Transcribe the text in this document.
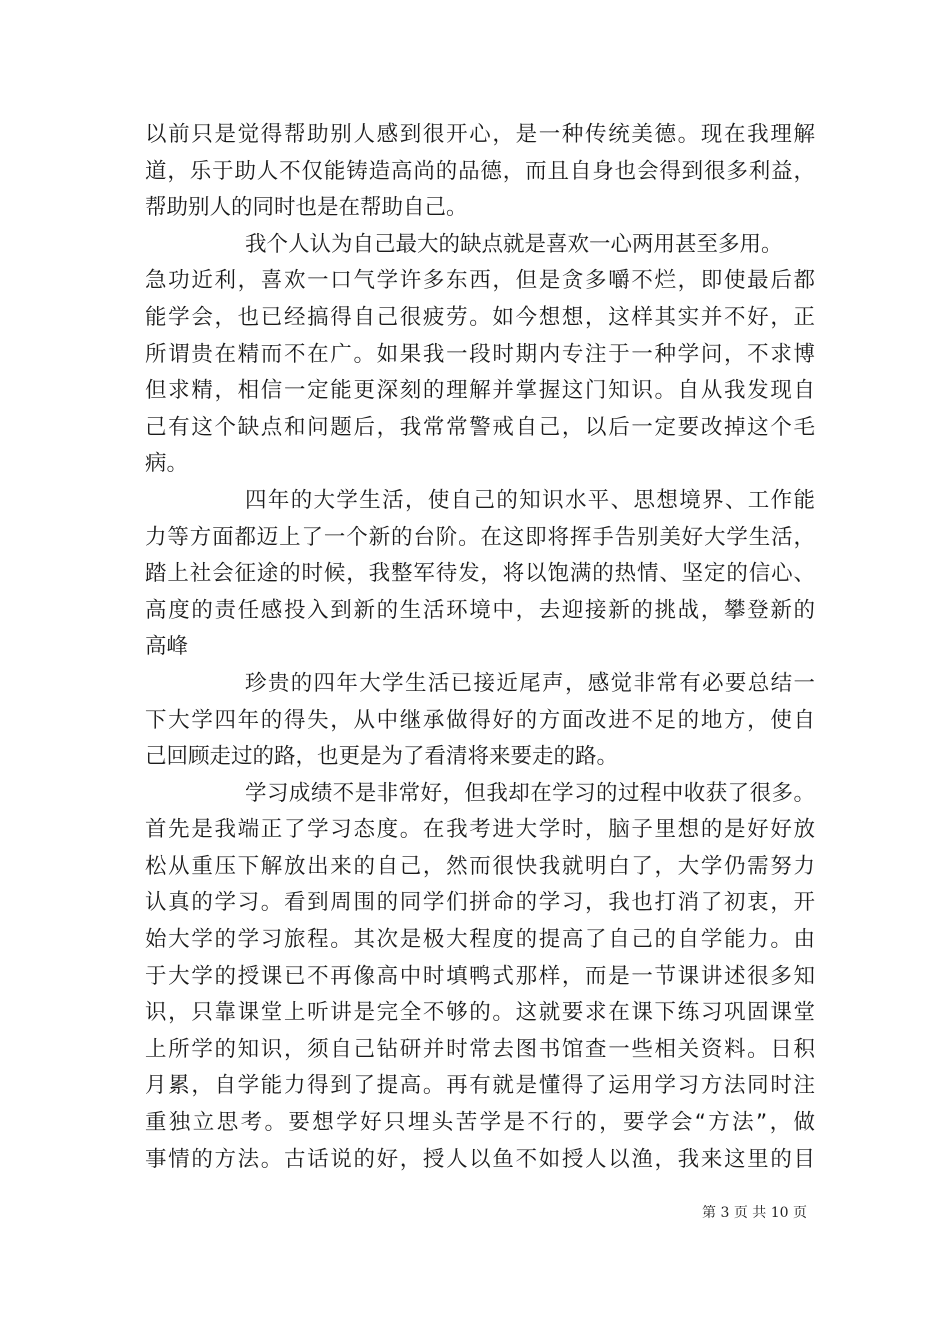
以前只是觉得帮助别人感到很开心，是一种传统美德。现在我理解
道，乐于助人不仅能铸造高尚的品德，而且自身也会得到很多利益，
帮助别人的同时也是在帮助自己。
我个人认为自己最大的缺点就是喜欢一心两用甚至多用。
急功近利，喜欢一口气学许多东西，但是贪多嚼不烂，即使最后都
能学会，也已经搞得自己很疲劳。如今想想，这样其实并不好，正
所谓贵在精而不在广。如果我一段时期内专注于一种学问，不求博
但求精，相信一定能更深刻的理解并掌握这门知识。自从我发现自
己有这个缺点和问题后，我常常警戒自己，以后一定要改掉这个毛
病。
四年的大学生活，使自己的知识水平、思想境界、工作能
力等方面都迈上了一个新的台阶。在这即将挥手告别美好大学生活，
踏上社会征途的时候，我整军待发，将以饱满的热情、坚定的信心、
高度的责任感投入到新的生活环境中，去迎接新的挑战，攀登新的
高峰
珍贵的四年大学生活已接近尾声，感觉非常有必要总结一
下大学四年的得失，从中继承做得好的方面改进不足的地方，使自
己回顾走过的路，也更是为了看清将来要走的路。
学习成绩不是非常好，但我却在学习的过程中收获了很多。
首先是我端正了学习态度。在我考进大学时，脑子里想的是好好放
松从重压下解放出来的自己，然而很快我就明白了，大学仍需努力
认真的学习。看到周围的同学们拼命的学习，我也打消了初衷，开
始大学的学习旅程。其次是极大程度的提高了自己的自学能力。由
于大学的授课已不再像高中时填鸭式那样，而是一节课讲述很多知
识，只靠课堂上听讲是完全不够的。这就要求在课下练习巩固课堂
上所学的知识，须自己钻研并时常去图书馆查一些相关资料。日积
月累，自学能力得到了提高。再有就是懂得了运用学习方法同时注
重独立思考。要想学好只埋头苦学是不行的，要学会“方法”，做
事情的方法。古话说的好，授人以鱼不如授人以渔，我来这里的目
第 3 页 共 10 页
